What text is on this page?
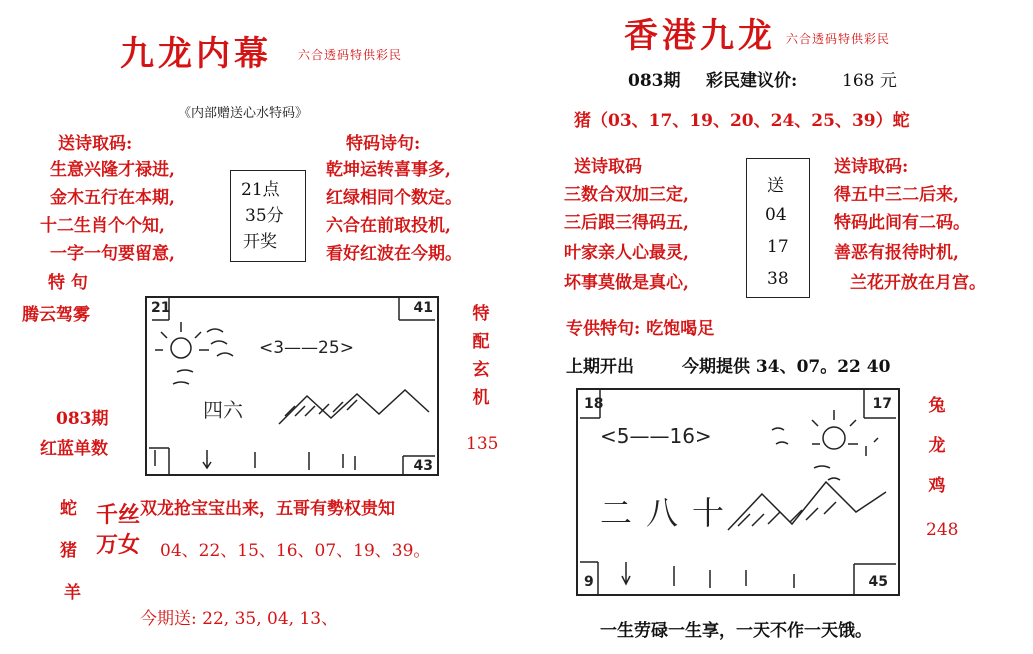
九龙内幕 六合透码特供彩民
《内部赠送心水特码》
送诗取码:
生意兴隆才禄进,
金木五行在本期,
十二生肖个个知,
一字一句要留意,
21点
35分
开奖
特码诗句:
乾坤运转喜事多,
红绿相同个数定。
六合在前取投机,
看好红波在今期。
特 句
腾云驾雾
083期
红蓝单数
21	41
43
<3——25>
四六
特
配
玄
机
135
蛇
猪
羊
千丝
万女
双龙抢宝宝出来，五哥有勢权贵知
04、22、15、16、07、19、39。
今期送: 22, 35, 04, 13、
香港九龙 六合透码特供彩民
083期 彩民建议价:	168 元
猪（03、17、19、20、24、25、39）蛇
送诗取码
三数合双加三定,
三后跟三得码五,
叶家亲人心最灵,
坏事莫做是真心,
送
04
17
38
送诗取码:
得五中三二后来,
特码此间有二码。
善恶有报待时机,
兰花开放在月宫。
专供特句: 吃饱喝足
上期开出	今期提供 34、07。22 40
18	17
9	45
<5——16>
二八十
兔
龙
鸡
248
一生劳碌一生享，一天不作一天饿。
